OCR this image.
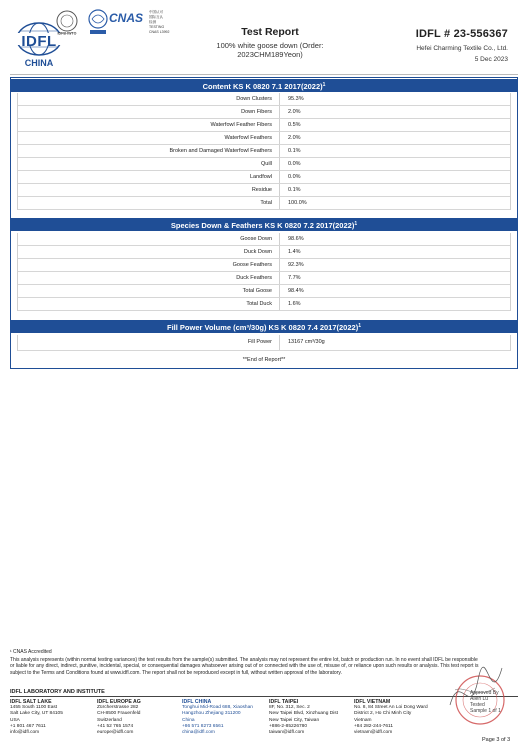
IDFL
CHINA
IDFB·IWTO
CNAS 中国认可
国际互认
检测
TESTING
CNAS L3992	Test Report
100% white goose down (Order:
2023CHM189Yeon)
IDFL # 23-556367
Hefei Charming Textile Co., Ltd.
5 Dec 2023
Content KS K 0820 7.1 $2017(2022)^1$
Down Clusters	95.3%
Down Fibers	2.0%
Waterfowl Feather Fibers	0.5%
Waterfowl Feathers	2.0%
Broken and Damaged Waterfowl Feathers	0.1%
Quill	0.0%
Landfowl	0.0%
Residue	0.1%
Total	100.0%
Species Down & Feathers KS K 0820 7.2 $2017(2022)^1$
Goose Down	98.6%
Duck Down	1.4%
Goose Feathers	92.3%
Duck Feathers	7.7%
Total Goose	98.4%
Total Duck	1.6%
Fill Power Volume (cm³/30g) KS K 0820 7.4 $2017(2022)^1$
Fill Power	13167 cm³/30g
**End of Report**
¹ CNAS Accredited
This analysis represents (within normal testing variances) the test results from the sample(s) submitted. The analysis may not represent the entire lot, batch or production run. In no event shall IDFL be responsible or liable for any direct, indirect, punitive, incidental, special, or consequential damages whatsoever arising out of or connected with the use of, misuse of, or reliance upon such results or analysis. This test report is subject to the Terms and Conditions found at www.idfl.com. The report shall not be reproduced except in full, without written approval of the laboratory.
IDFL LABORATORY AND INSTITUTE
IDFL SALT LAKE
1455 South 1100 East
Salt Lake City, UT 84105
USA
+1 801 467 7611
info@idfl.com
IDFL EUROPE AG
Zürcherstrasse 282
CH-8500 Frauenfeld
Switzerland
+41 52 765 1574
europe@idfl.com
IDFL CHINA
Tonghui Mid-Road 688, Xiaoshan
Hangzhou Zhejiang 311200
China
+86 571 8273 6561
china@idfl.com
IDFL TAIPEI
8F, No. 312, Sec. 2
New Taipei Blvd, Xinzhuang Dist
New Taipei City, Taiwan
+886-2-85226780
taiwan@idfl.com
IDFL VIETNAM
No. 8, 84 Street An Loi Dong Ward
District 2, Ho Chi Minh City
Vietnam
+84 282-244-7611
vietnam@idfl.com
Approved By
Allen Lu
Tested
Sample 1 of 1
Page 3 of 3
